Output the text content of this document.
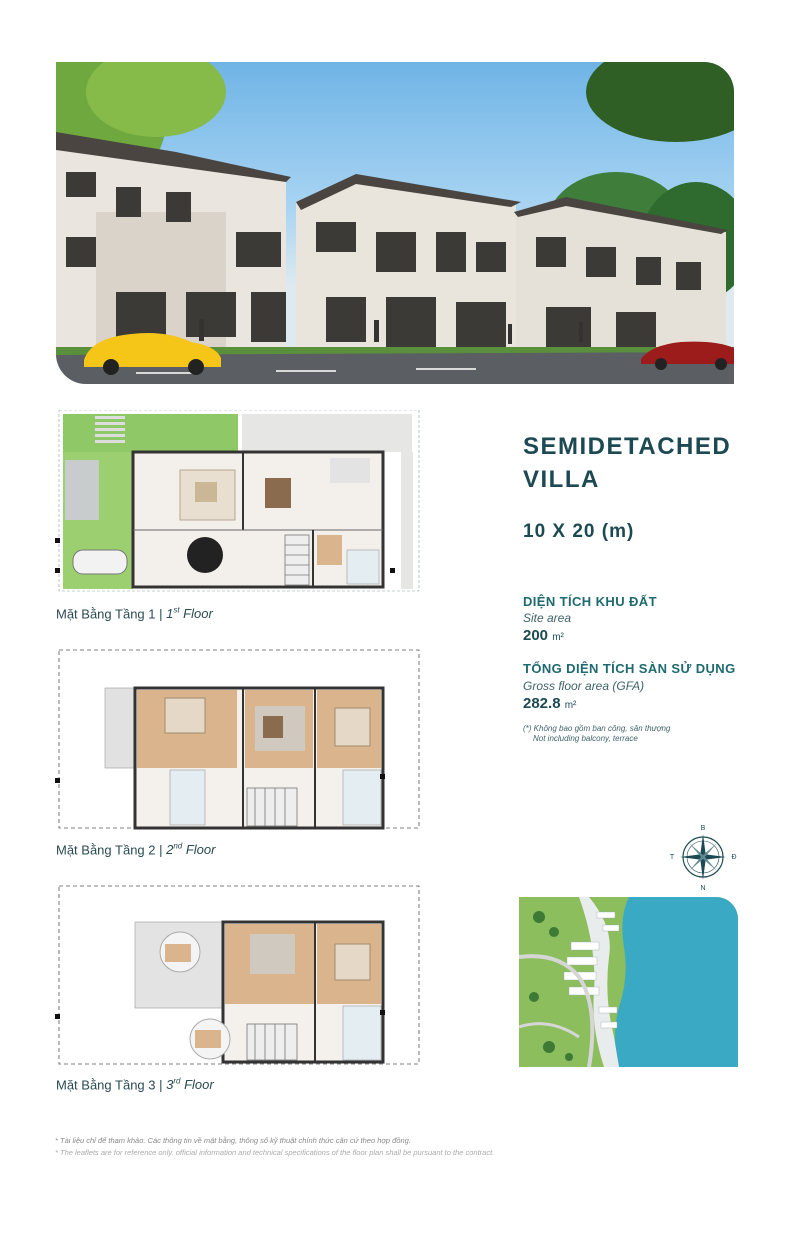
Mặt Bằng Tầng 1 | 1st Floor
Mặt Bằng Tầng 2 | 2nd Floor
Mặt Bằng Tầng 3 | 3rd Floor
SEMIDETACHED
VILLA
10 X 20 (m)
DIỆN TÍCH KHU ĐẤT
Site area
200 m²
TỔNG DIỆN TÍCH SÀN SỬ DỤNG
Gross floor area (GFA)
282.8 m²
(*) Không bao gồm ban công, sân thượng
Not including balcony, terrace
B
N
T	Đ
* Tài liệu chỉ để tham khảo. Các thông tin về mặt bằng, thông số kỹ thuật chính thức căn cứ theo hợp đồng.
* The leaflets are for reference only. official information and technical specifications of the floor plan shall be pursuant to the contract.
